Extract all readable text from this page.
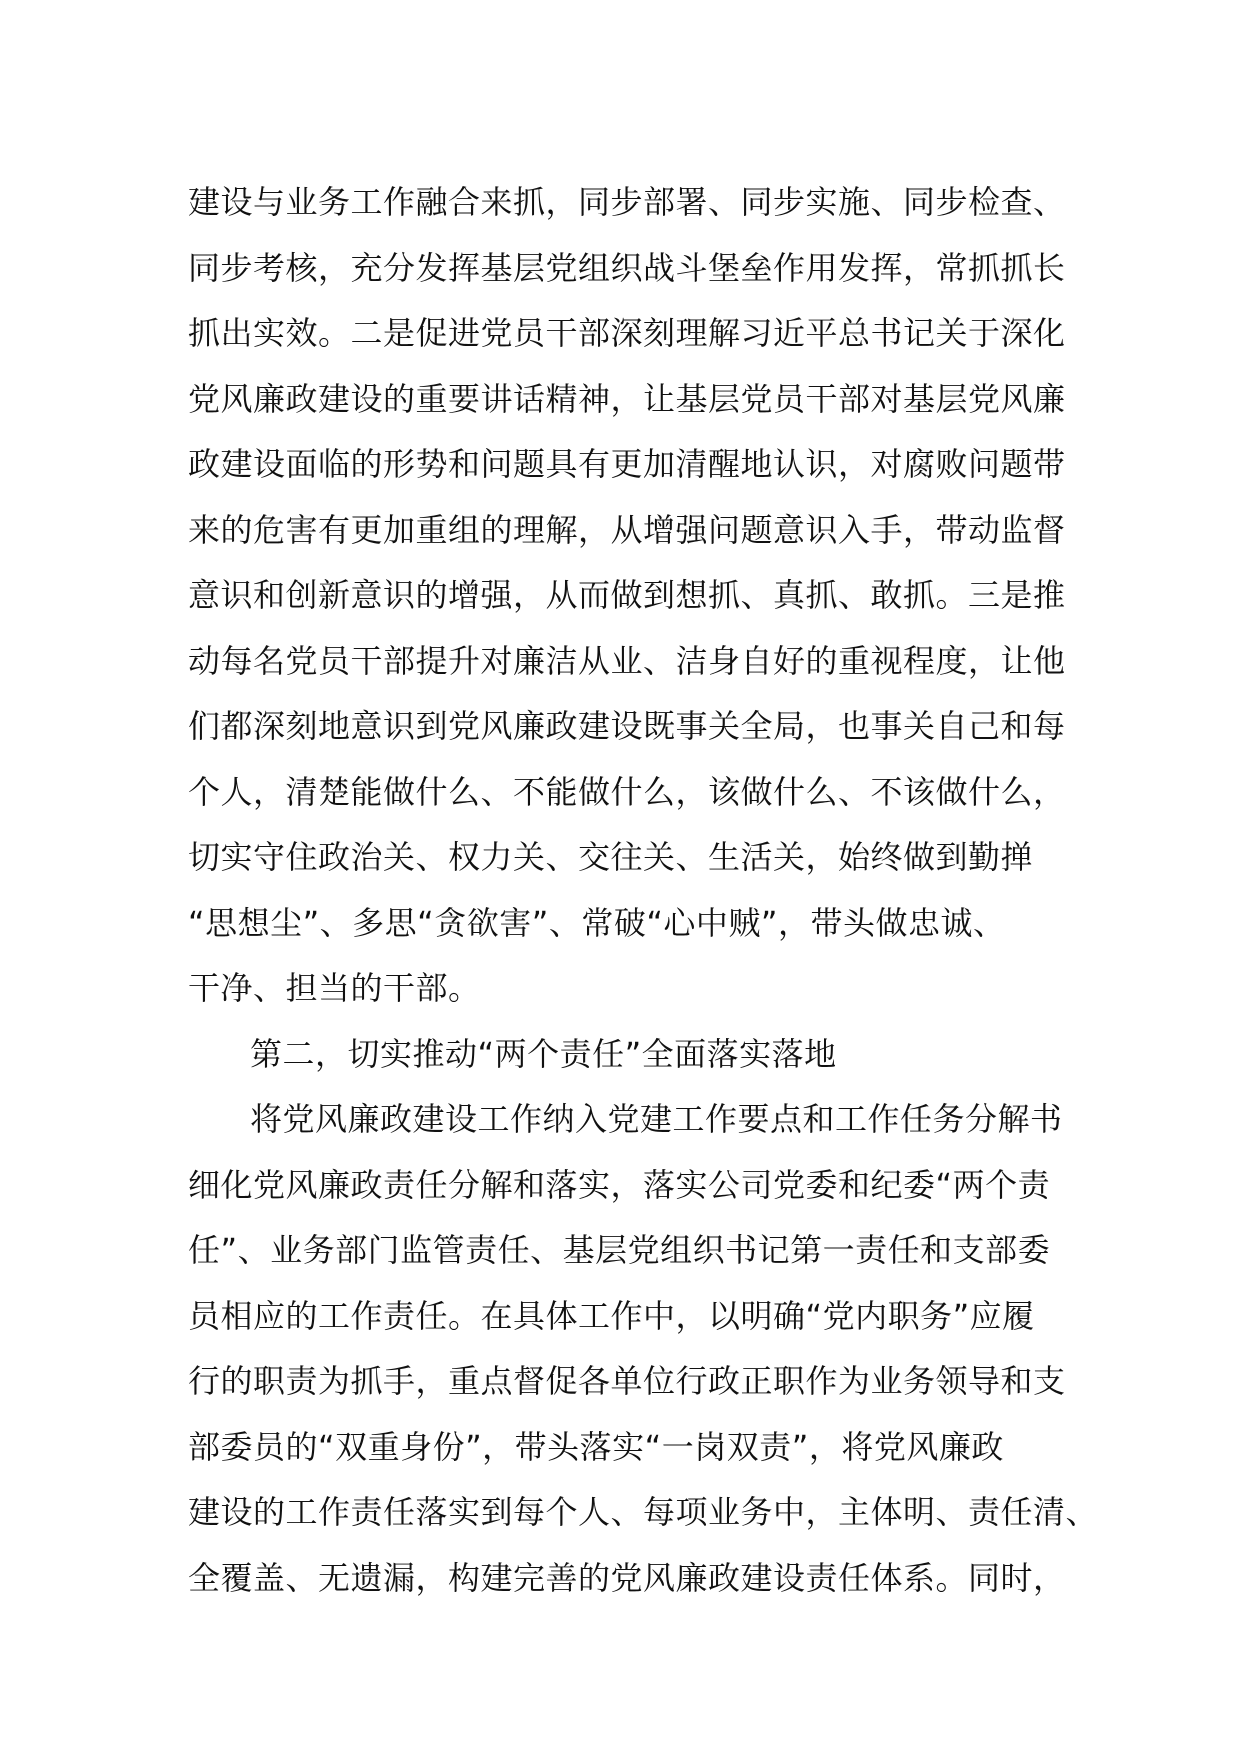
建设与业务工作融合来抓，同步部署、同步实施、同步检查、
同步考核，充分发挥基层党组织战斗堡垒作用发挥，常抓抓长
抓出实效。二是促进党员干部深刻理解习近平总书记关于深化
党风廉政建设的重要讲话精神，让基层党员干部对基层党风廉
政建设面临的形势和问题具有更加清醒地认识，对腐败问题带
来的危害有更加重组的理解，从增强问题意识入手，带动监督
意识和创新意识的增强，从而做到想抓、真抓、敢抓。三是推
动每名党员干部提升对廉洁从业、洁身自好的重视程度，让他
们都深刻地意识到党风廉政建设既事关全局，也事关自己和每
个人，清楚能做什么、不能做什么，该做什么、不该做什么，
切实守住政治关、权力关、交往关、生活关，始终做到勤掸
“思想尘”、多思“贪欲害”、常破“心中贼”，带头做忠诚、
干净、担当的干部。
第二，切实推动“两个责任”全面落实落地
将党风廉政建设工作纳入党建工作要点和工作任务分解书
细化党风廉政责任分解和落实，落实公司党委和纪委“两个责
任”、业务部门监管责任、基层党组织书记第一责任和支部委
员相应的工作责任。在具体工作中，以明确“党内职务”应履
行的职责为抓手，重点督促各单位行政正职作为业务领导和支
部委员的“双重身份”，带头落实“一岗双责”，将党风廉政
建设的工作责任落实到每个人、每项业务中，主体明、责任清、
全覆盖、无遗漏，构建完善的党风廉政建设责任体系。同时，
